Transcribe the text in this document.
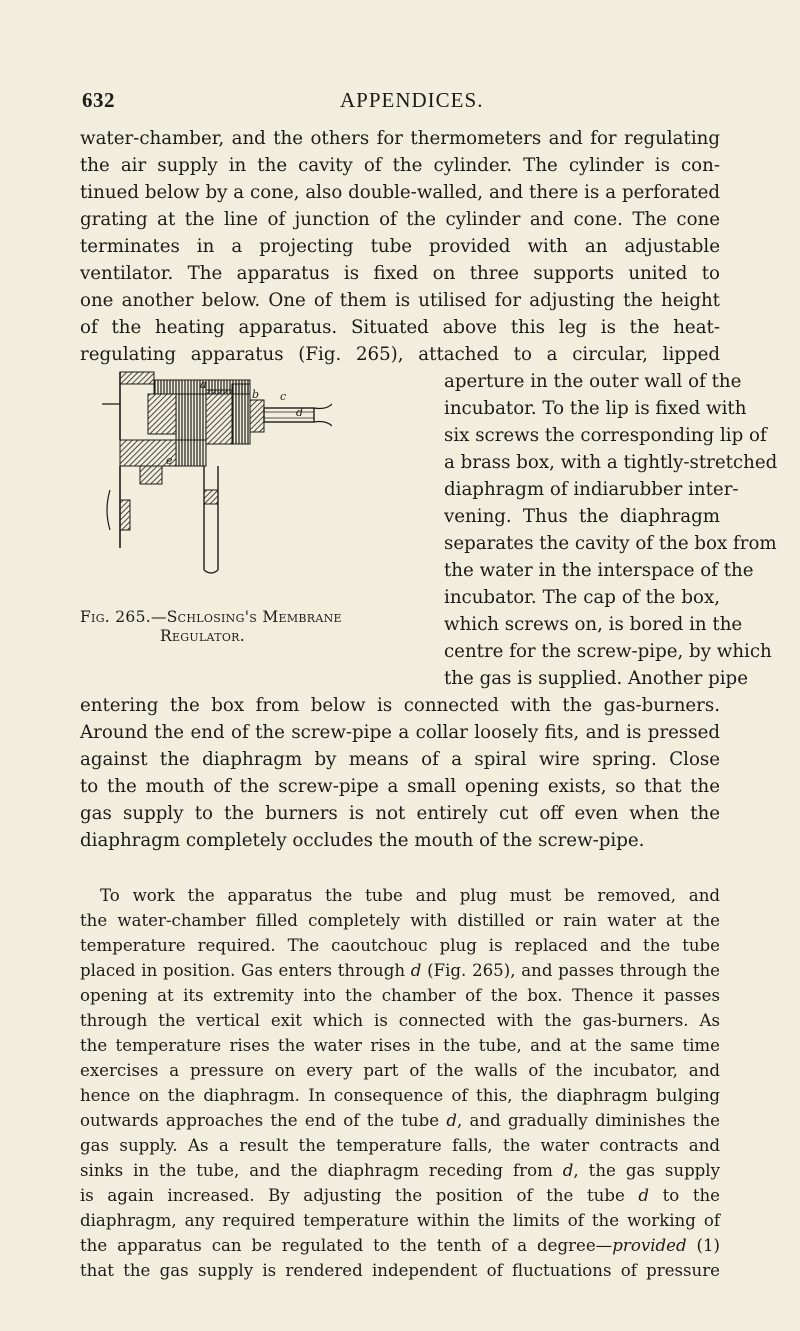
632	APPENDICES.
water-chamber, and the others for thermometers and for regulating
the air supply in the cavity of the cylinder. The cylinder is con-
tinued below by a cone, also double-walled, and there is a perforated
grating at the line of junction of the cylinder and cone. The cone
terminates in a projecting tube provided with an adjustable
ventilator. The apparatus is fixed on three supports united to
one another below. One of them is utilised for adjusting the height
of the heating apparatus. Situated above this leg is the heat-
regulating apparatus (Fig. 265), attached to a circular, lipped
aperture in the outer wall of the
incubator. To the lip is fixed with
six screws the corresponding lip of
a brass box, with a tightly-stretched
diaphragm of indiarubber inter-
vening. Thus the diaphragm
separates the cavity of the box from
the water in the interspace of the
incubator. The cap of the box,
which screws on, is bored in the
centre for the screw-pipe, by which
the gas is supplied. Another pipe
a
b c
d
e
Fig. 265.—Schlosing's Membrane
Regulator.
entering the box from below is connected with the gas-burners.
Around the end of the screw-pipe a collar loosely fits, and is pressed
against the diaphragm by means of a spiral wire spring. Close
to the mouth of the screw-pipe a small opening exists, so that the
gas supply to the burners is not entirely cut off even when the
diaphragm completely occludes the mouth of the screw-pipe.
To work the apparatus the tube and plug must be removed, and
the water-chamber filled completely with distilled or rain water at the
temperature required. The caoutchouc plug is replaced and the tube
placed in position. Gas enters through d (Fig. 265), and passes through the
opening at its extremity into the chamber of the box. Thence it passes
through the vertical exit which is connected with the gas-burners. As
the temperature rises the water rises in the tube, and at the same time
exercises a pressure on every part of the walls of the incubator, and
hence on the diaphragm. In consequence of this, the diaphragm bulging
outwards approaches the end of the tube d, and gradually diminishes the
gas supply. As a result the temperature falls, the water contracts and
sinks in the tube, and the diaphragm receding from d, the gas supply
is again increased. By adjusting the position of the tube d to the
diaphragm, any required temperature within the limits of the working of
the apparatus can be regulated to the tenth of a degree—provided (1)
that the gas supply is rendered independent of fluctuations of pressure
